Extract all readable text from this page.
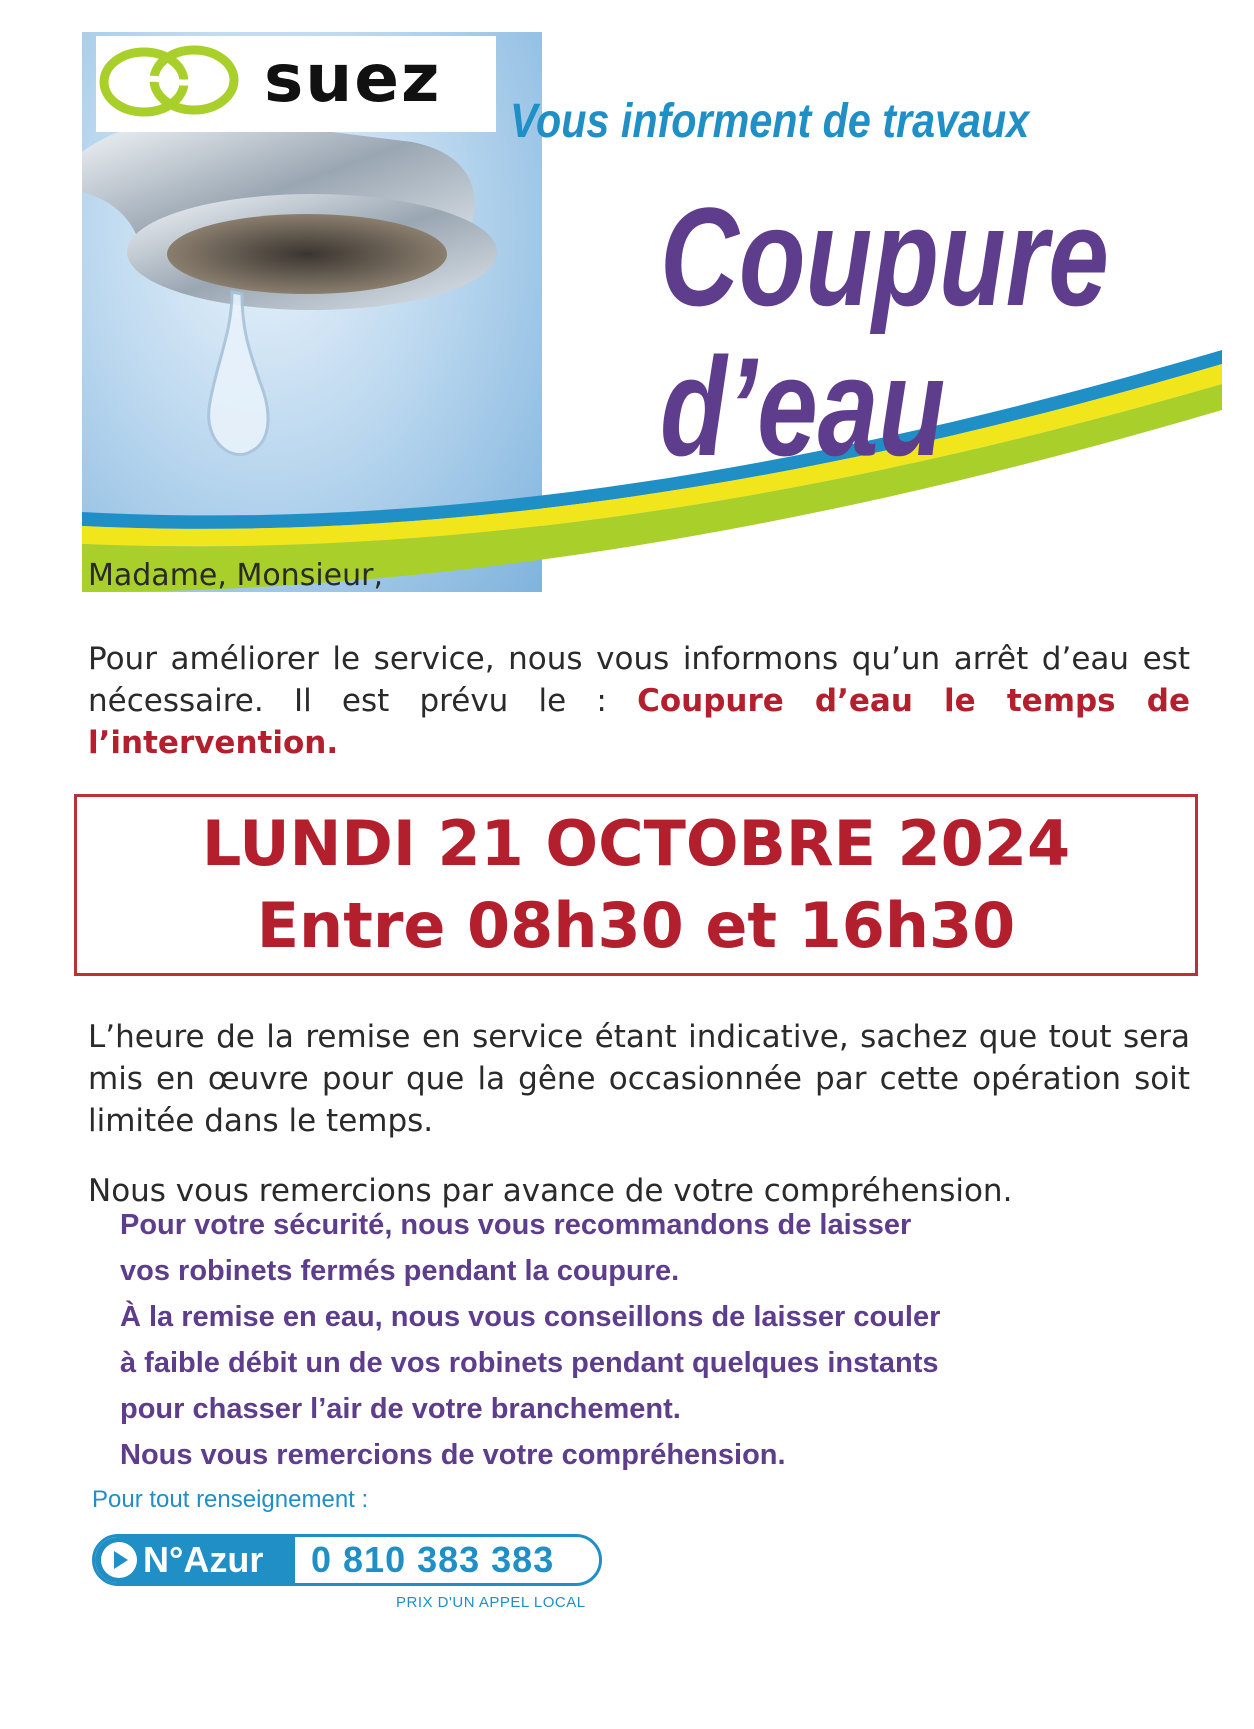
suez
Vous informent de travaux
Coupure
d’eau
Madame, Monsieur,
Pour améliorer le service, nous vous informons qu’un arrêt d’eau est nécessaire. Il est prévu le : Coupure d’eau le temps de l’intervention.
LUNDI 21 OCTOBRE 2024
Entre 08h30 et 16h30
L’heure de la remise en service étant indicative, sachez que tout sera mis en œuvre pour que la gêne occasionnée par cette opération soit limitée dans le temps.
Nous vous remercions par avance de votre compréhension.
Pour votre sécurité, nous vous recommandons de laisser
vos robinets fermés pendant la coupure.
À la remise en eau, nous vous conseillons de laisser couler
à faible débit un de vos robinets pendant quelques instants
pour chasser l’air de votre branchement.
Nous vous remercions de votre compréhension.
Pour tout renseignement :
N°Azur 0 810 383 383
PRIX D'UN APPEL LOCAL
